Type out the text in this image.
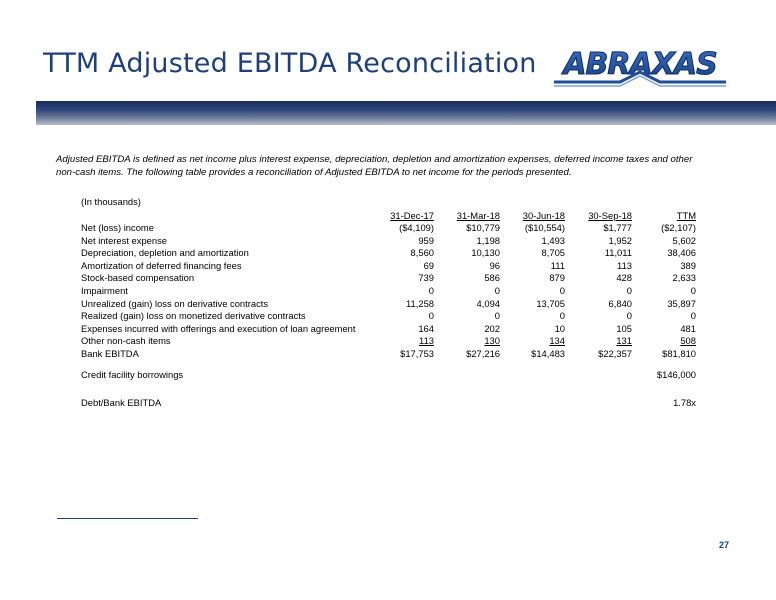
TTM Adjusted EBITDA Reconciliation ABRAXAS
Adjusted EBITDA is defined as net income plus interest expense, depreciation, depletion and amortization expenses, deferred income taxes and other non-cash items. The following table provides a reconciliation of Adjusted EBITDA to net income for the periods presented.
(In thousands)
31-Dec-17	31-Mar-18	30-Jun-18	30-Sep-18	TTM
Net (loss) income	($4,109)	$10,779	($10,554)	$1,777	($2,107)
Net interest expense	959	1,198	1,493	1,952	5,602
Depreciation, depletion and amortization	8,560	10,130	8,705	11,011	38,406
Amortization of deferred financing fees	69	96	111	113	389
Stock-based compensation	739	586	879	428	2,633
Impairment	0	0	0	0	0
Unrealized (gain) loss on derivative contracts	11,258	4,094	13,705	6,840	35,897
Realized (gain) loss on monetized derivative contracts	0	0	0	0	0
Expenses incurred with offerings and execution of loan agreement	164	202	10	105	481
Other non-cash items	113	130	134	131	508
Bank EBITDA	$17,753	$27,216	$14,483	$22,357	$81,810
Credit facility borrowings	$146,000
Debt/Bank EBITDA	1.78x
27
